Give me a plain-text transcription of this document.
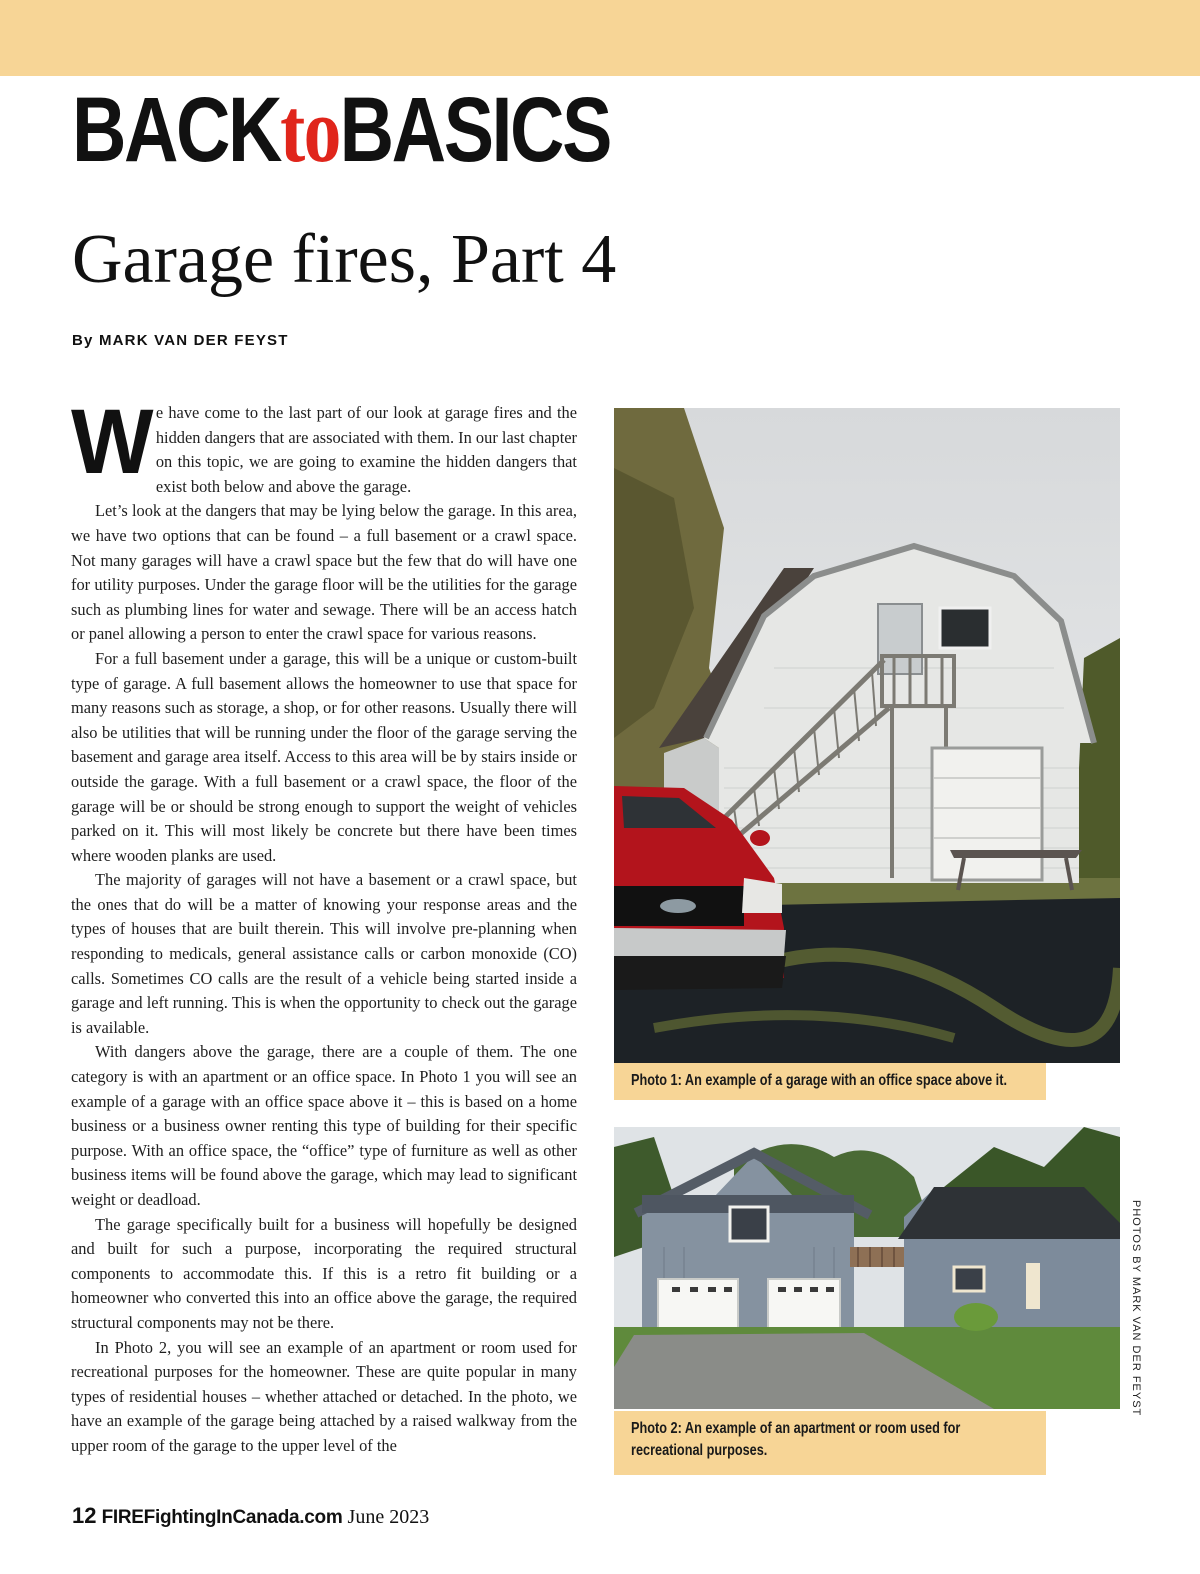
BACKtoBASICS
Garage fires, Part 4
By MARK VAN DER FEYST

We have come to the last part of our look at garage fires and the hidden dangers that are associated with them. In our last chapter on this topic, we are going to examine the hidden dangers that exist both below and above the garage.

Let’s look at the dangers that may be lying below the garage. In this area, we have two options that can be found – a full basement or a crawl space. Not many garages will have a crawl space but the few that do will have one for utility purposes. Under the garage floor will be the utilities for the garage such as plumbing lines for water and sewage. There will be an access hatch or panel allowing a person to enter the crawl space for various reasons.

For a full basement under a garage, this will be a unique or custom-built type of garage. A full basement allows the homeowner to use that space for many reasons such as storage, a shop, or for other reasons. Usually there will also be utilities that will be running under the floor of the garage serving the basement and garage area itself. Access to this area will be by stairs inside or outside the garage. With a full basement or a crawl space, the floor of the garage will be or should be strong enough to support the weight of vehicles parked on it. This will most likely be concrete but there have been times where wooden planks are used.

The majority of garages will not have a basement or a crawl space, but the ones that do will be a matter of knowing your response areas and the types of houses that are built therein. This will involve pre-planning when responding to medicals, general assistance calls or carbon monoxide (CO) calls. Sometimes CO calls are the result of a vehicle being started inside a garage and left running. This is when the opportunity to check out the garage is available.

With dangers above the garage, there are a couple of them. The one category is with an apartment or an office space. In Photo 1 you will see an example of a garage with an office space above it – this is based on a home business or a business owner renting this type of building for their specific purpose. With an office space, the “office” type of furniture as well as other business items will be found above the garage, which may lead to significant weight or deadload.

The garage specifically built for a business will hopefully be designed and built for such a purpose, incorporating the required structural components to accommodate this. If this is a retro fit building or a homeowner who converted this into an office above the garage, the required structural components may not be there.

In Photo 2, you will see an example of an apartment or room used for recreational purposes for the homeowner. These are quite popular in many types of residential houses – whether attached or detached. In the photo, we have an example of the garage being attached by a raised walkway from the upper room of the garage to the upper level of the

Photo 1: An example of a garage with an office space above it.
Photo 2: An example of an apartment or room used for recreational purposes.
PHOTOS BY MARK VAN DER FEYST
12 FIREFightingInCanada.com June 2023
